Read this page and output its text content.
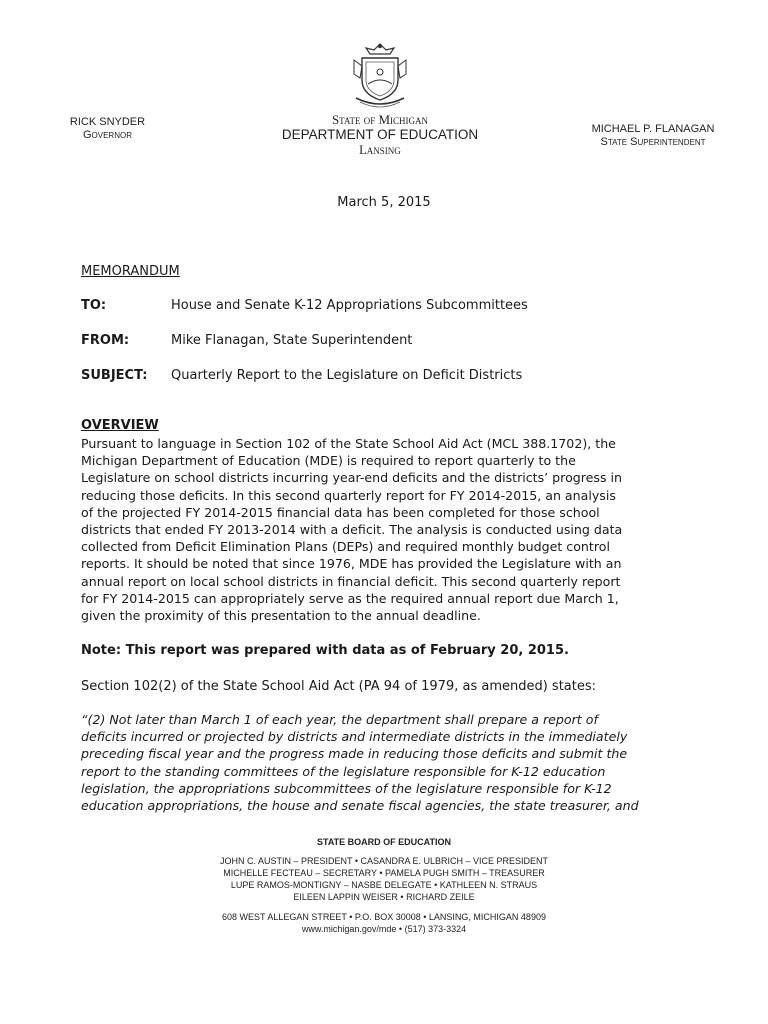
RICK SNYDER
Governor
State of Michigan
DEPARTMENT OF EDUCATION
Lansing
MICHAEL P. FLANAGAN
State Superintendent
March 5, 2015
MEMORANDUM
TO:	House and Senate K-12 Appropriations Subcommittees
FROM:	Mike Flanagan, State Superintendent
SUBJECT: Quarterly Report to the Legislature on Deficit Districts
OVERVIEW
Pursuant to language in Section 102 of the State School Aid Act (MCL 388.1702), the
Michigan Department of Education (MDE) is required to report quarterly to the
Legislature on school districts incurring year-end deficits and the districts’ progress in
reducing those deficits. In this second quarterly report for FY 2014-2015, an analysis
of the projected FY 2014-2015 financial data has been completed for those school
districts that ended FY 2013-2014 with a deficit. The analysis is conducted using data
collected from Deficit Elimination Plans (DEPs) and required monthly budget control
reports. It should be noted that since 1976, MDE has provided the Legislature with an
annual report on local school districts in financial deficit. This second quarterly report
for FY 2014-2015 can appropriately serve as the required annual report due March 1,
given the proximity of this presentation to the annual deadline.
Note: This report was prepared with data as of February 20, 2015.
Section 102(2) of the State School Aid Act (PA 94 of 1979, as amended) states:
“(2) Not later than March 1 of each year, the department shall prepare a report of
deficits incurred or projected by districts and intermediate districts in the immediately
preceding fiscal year and the progress made in reducing those deficits and submit the
report to the standing committees of the legislature responsible for K-12 education
legislation, the appropriations subcommittees of the legislature responsible for K-12
education appropriations, the house and senate fiscal agencies, the state treasurer, and
STATE BOARD OF EDUCATION
JOHN C. AUSTIN – PRESIDENT • CASANDRA E. ULBRICH – VICE PRESIDENT
MICHELLE FECTEAU – SECRETARY • PAMELA PUGH SMITH – TREASURER
LUPE RAMOS-MONTIGNY – NASBE DELEGATE • KATHLEEN N. STRAUS
EILEEN LAPPIN WEISER • RICHARD ZEILE
608 WEST ALLEGAN STREET • P.O. BOX 30008 • LANSING, MICHIGAN 48909
www.michigan.gov/mde • (517) 373-3324
